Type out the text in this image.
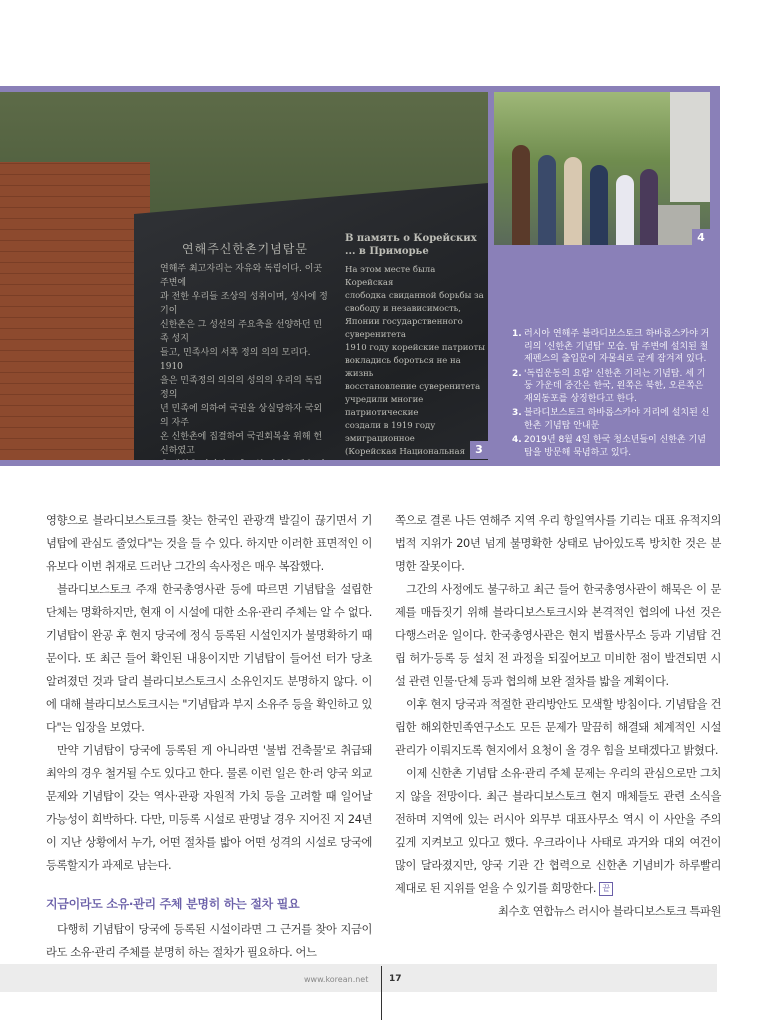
연해주신한촌기념탑문
연해주 최고자리는 자유와 독립이다. 이곳 주변에
과 전한 우리들 조상의 성취이며, 성사에 정기이
신한촌은 그 성선의 주요축을 선양하던 민족 성지
들고, 민족사의 서쪽 정의 의의 모리다. 1910
을은 민족정의 의의의 성의의 우리의 독립정의
년 민족에 의하여 국권을 상실당하자 국외의 자주
온 신한촌에 집결하여 국권회복을 위해 헌신하였고
В память о Корейских ... в Приморье
На этом месте была Корейская
слободка свиданной борьбы за
свободу и независимость,
Японии государственного суверенитета
1910 году корейские патриоты
вокладись бороться не на жизнь
восстановление суверенитета
учредили многие патриотические
создали в 1919 году эмиграционное
(Корейская Национальная 3
4
1. 러시아 연해주 블라디보스토크 하바롭스카야 거리의 '신한촌 기념탑' 모습. 탑 주변에 설치된 철제펜스의 출입문이 자물쇠로 굳게 잠겨져 있다.
2. '독립운동의 요람' 신한촌 기리는 기념탑. 세 기둥 가운데 중간은 한국, 왼쪽은 북한, 오른쪽은 재외동포를 상징한다고 한다.
3. 블라디보스토크 하바롭스카야 거리에 설치된 신한촌 기념탑 안내문
4. 2019년 8월 4일 한국 청소년들이 신한촌 기념탑을 방문해 묵념하고 있다.

영향으로 블라디보스토크를 찾는 한국인 관광객 발길이 끊기면서 기념탑에 관심도 줄었다"는 것을 들 수 있다. 하지만 이러한 표면적인 이유보다 이번 취재로 드러난 그간의 속사정은 매우 복잡했다.

블라디보스토크 주재 한국총영사관 등에 따르면 기념탑을 설립한 단체는 명확하지만, 현재 이 시설에 대한 소유·관리 주체는 알 수 없다. 기념탑이 완공 후 현지 당국에 정식 등록된 시설인지가 불명확하기 때문이다. 또 최근 들어 확인된 내용이지만 기념탑이 들어선 터가 당초 알려졌던 것과 달리 블라디보스토크시 소유인지도 분명하지 않다. 이에 대해 블라디보스토크시는 "기념탑과 부지 소유주 등을 확인하고 있다"는 입장을 보였다.

만약 기념탑이 당국에 등록된 게 아니라면 '불법 건축물'로 취급돼 최악의 경우 철거될 수도 있다고 한다. 물론 이런 일은 한·러 양국 외교 문제와 기념탑이 갖는 역사·관광 자원적 가치 등을 고려할 때 일어날 가능성이 희박하다. 다만, 미등록 시설로 판명날 경우 지어진 지 24년이 지난 상황에서 누가, 어떤 절차를 밟아 어떤 성격의 시설로 당국에 등록할지가 과제로 남는다.

지금이라도 소유·관리 주체 분명히 하는 절차 필요

다행히 기념탑이 당국에 등록된 시설이라면 그 근거를 찾아 지금이라도 소유·관리 주체를 분명히 하는 절차가 필요하다. 어느

쪽으로 결론 나든 연해주 지역 우리 항일역사를 기리는 대표 유적지의 법적 지위가 20년 넘게 불명확한 상태로 남아있도록 방치한 것은 분명한 잘못이다.

그간의 사정에도 불구하고 최근 들어 한국총영사관이 해묵은 이 문제를 매듭짓기 위해 블라디보스토크시와 본격적인 협의에 나선 것은 다행스러운 일이다. 한국총영사관은 현지 법률사무소 등과 기념탑 건립 허가·등록 등 설치 전 과정을 되짚어보고 미비한 점이 발견되면 시설 관련 인물·단체 등과 협의해 보완 절차를 밟을 계획이다.

이후 현지 당국과 적절한 관리방안도 모색할 방침이다. 기념탑을 건립한 해외한민족연구소도 모든 문제가 말끔히 해결돼 체계적인 시설 관리가 이뤄지도록 현지에서 요청이 올 경우 힘을 보태겠다고 밝혔다.

이제 신한촌 기념탑 소유·관리 주체 문제는 우리의 관심으로만 그치지 않을 전망이다. 최근 블라디보스토크 현지 매체들도 관련 소식을 전하며 지역에 있는 러시아 외무부 대표사무소 역시 이 사안을 주의 깊게 지켜보고 있다고 했다. 우크라이나 사태로 과거와 대외 여건이 많이 달라졌지만, 양국 기관 간 협력으로 신한촌 기념비가 하루빨리 제대로 된 지위를 얻을 수 있기를 희망한다. 끝

최수호 연합뉴스 러시아 블라디보스토크 특파원

www.korean.net 17
